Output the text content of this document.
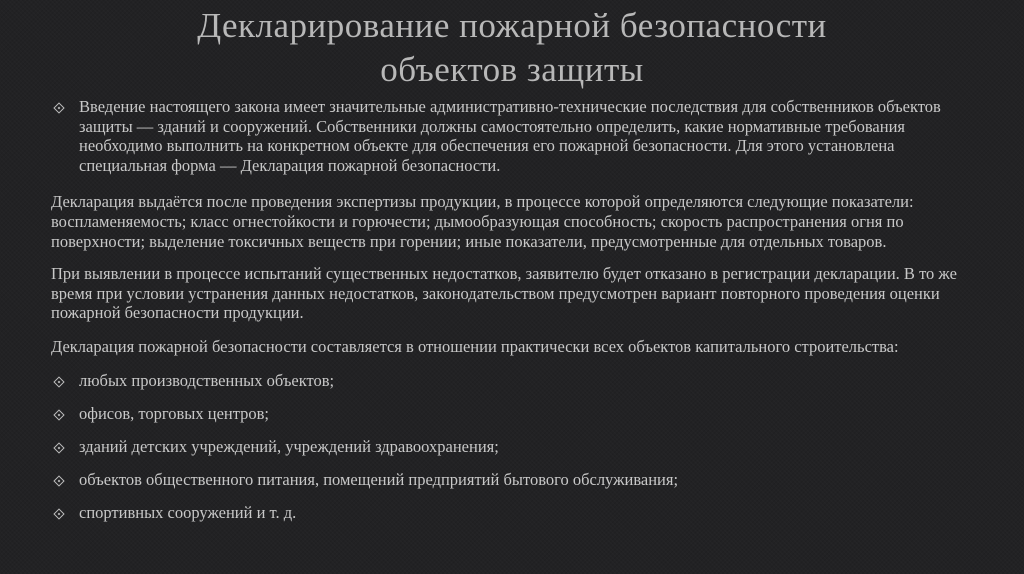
Декларирование пожарной безопасности
объектов защиты

Введение настоящего закона имеет значительные административно-технические последствия для собственников объектов защиты — зданий и сооружений. Собственники должны самостоятельно определить, какие нормативные требования необходимо выполнить на конкретном объекте для обеспечения его пожарной безопасности. Для этого установлена специальная форма — Декларация пожарной безопасности.

Декларация выдаётся после проведения экспертизы продукции, в процессе которой определяются следующие показатели: воспламеняемость; класс огнестойкости и горючести; дымообразующая способность; скорость распространения огня по поверхности; выделение токсичных веществ при горении; иные показатели, предусмотренные для отдельных товаров.

При выявлении в процессе испытаний существенных недостатков, заявителю будет отказано в регистрации декларации. В то же время при условии устранения данных недостатков, законодательством предусмотрен вариант повторного проведения оценки пожарной безопасности продукции.

Декларация пожарной безопасности составляется в отношении практически всех объектов капитального строительства:

любых производственных объектов;

офисов, торговых центров;

зданий детских учреждений, учреждений здравоохранения;

объектов общественного питания, помещений предприятий бытового обслуживания;

спортивных сооружений и т. д.
